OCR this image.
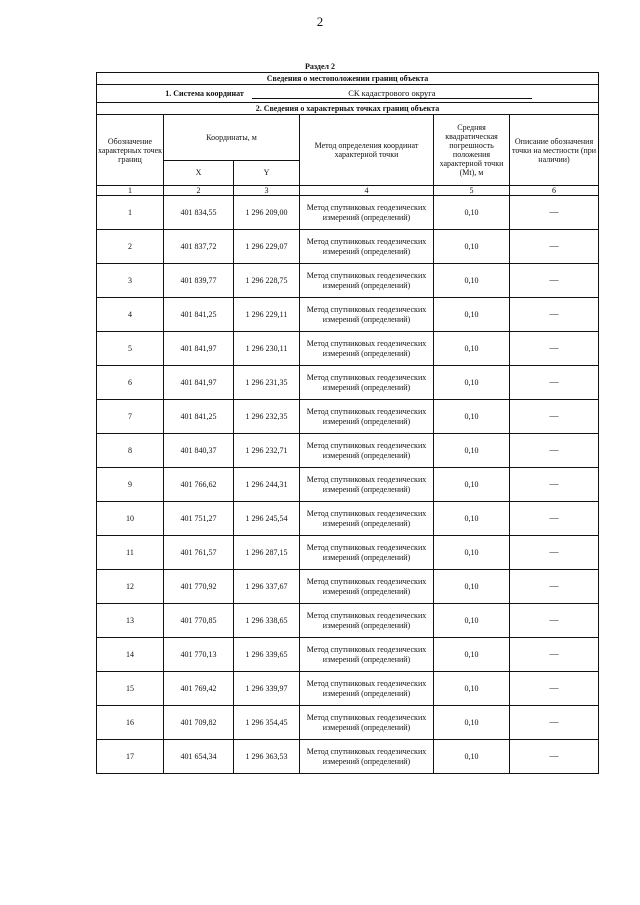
2
Раздел 2
Сведения о местоположении границ объекта					
1. Система координат СК кадастрового округа					
2. Сведения о характерных точках границ объекта					
Обозначение характерных точек границ	Координаты, м		Метод определения координат характерной точки	Средняя квадратическая погрешность положения характерной точки (Mt), м	Описание обозначения точки на местности (при наличии)
	X	Y			
1	2	3	4	5	6
1	401 834,55	1 296 209,00	Метод спутниковых геодезических измерений (определений)	0,10	—
2	401 837,72	1 296 229,07	Метод спутниковых геодезических измерений (определений)	0,10	—
3	401 839,77	1 296 228,75	Метод спутниковых геодезических измерений (определений)	0,10	—
4	401 841,25	1 296 229,11	Метод спутниковых геодезических измерений (определений)	0,10	—
5	401 841,97	1 296 230,11	Метод спутниковых геодезических измерений (определений)	0,10	—
6	401 841,97	1 296 231,35	Метод спутниковых геодезических измерений (определений)	0,10	—
7	401 841,25	1 296 232,35	Метод спутниковых геодезических измерений (определений)	0,10	—
8	401 840,37	1 296 232,71	Метод спутниковых геодезических измерений (определений)	0,10	—
9	401 766,62	1 296 244,31	Метод спутниковых геодезических измерений (определений)	0,10	—
10	401 751,27	1 296 245,54	Метод спутниковых геодезических измерений (определений)	0,10	—
11	401 761,57	1 296 287,15	Метод спутниковых геодезических измерений (определений)	0,10	—
12	401 770,92	1 296 337,67	Метод спутниковых геодезических измерений (определений)	0,10	—
13	401 770,85	1 296 338,65	Метод спутниковых геодезических измерений (определений)	0,10	—
14	401 770,13	1 296 339,65	Метод спутниковых геодезических измерений (определений)	0,10	—
15	401 769,42	1 296 339,97	Метод спутниковых геодезических измерений (определений)	0,10	—
16	401 709,82	1 296 354,45	Метод спутниковых геодезических измерений (определений)	0,10	—
17	401 654,34	1 296 363,53	Метод спутниковых геодезических измерений (определений)	0,10	—
